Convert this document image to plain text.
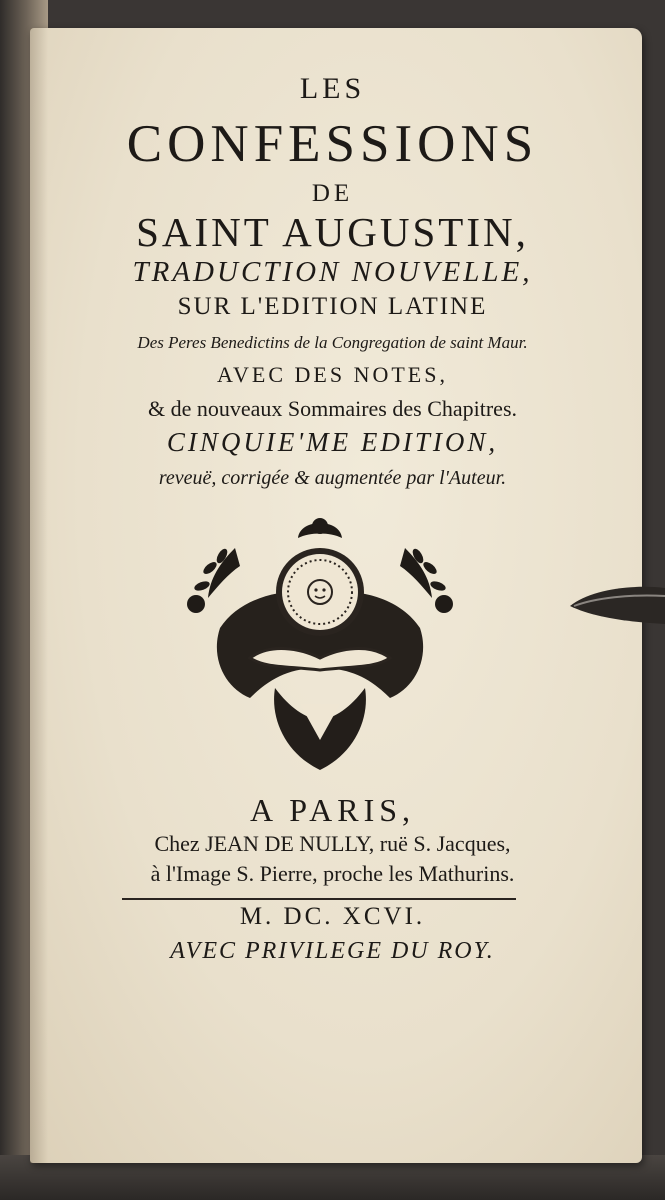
LES

CONFESSIONS

DE

SAINT AUGUSTIN,

TRADUCTION NOUVELLE,

SUR L'EDITION LATINE

Des Peres Benedictins de la Congregation de saint Maur.

AVEC DES NOTES,

& de nouveaux Sommaires des Chapitres.

CINQUIE'ME EDITION,

reveuë, corrigée & augmentée par l'Auteur.

A PARIS,

Chez JEAN DE NULLY, ruë S. Jacques,

à l'Image S. Pierre, proche les Mathurins.

M. DC. XCVI.

AVEC PRIVILEGE DU ROY.
